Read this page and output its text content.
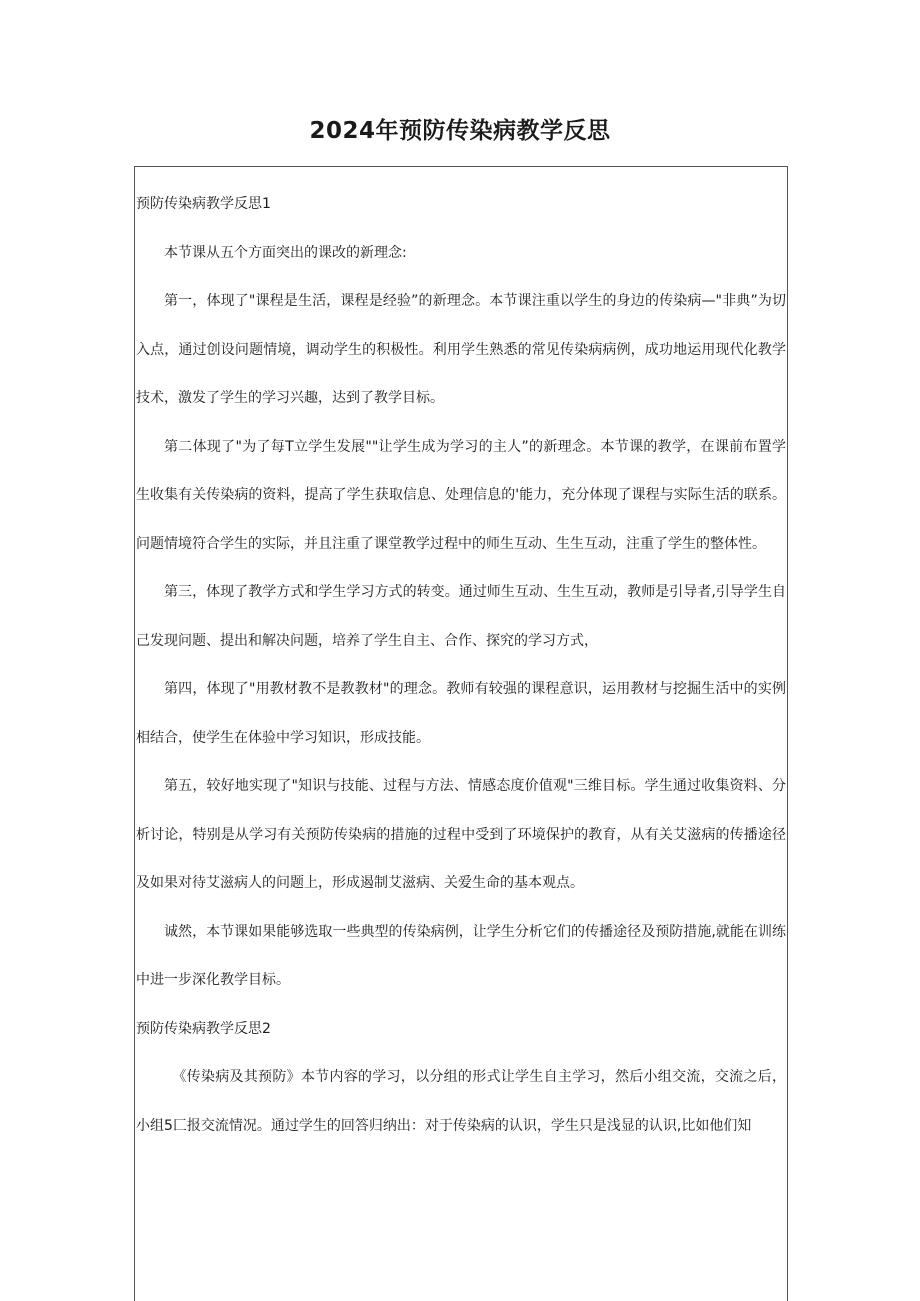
2024年预防传染病教学反思

预防传染病教学反思1

本节课从五个方面突出的课改的新理念:

第一，体现了"课程是生活，课程是经验”的新理念。本节课注重以学生的身边的传染病—"非典”为切入点，通过创设问题情境，调动学生的积极性。利用学生熟悉的常见传染病病例，成功地运用现代化教学技术，激发了学生的学习兴趣，达到了教学目标。

第二体现了"为了每T立学生发展""让学生成为学习的主人”的新理念。本节课的教学，在课前布置学生收集有关传染病的资料，提高了学生获取信息、处理信息的'能力，充分体现了课程与实际生活的联系。问题情境符合学生的实际，并且注重了课堂教学过程中的师生互动、生生互动，注重了学生的整体性。

第三，体现了教学方式和学生学习方式的转变。通过师生互动、生生互动，教师是引导者,引导学生自己发现问题、提出和解决问题，培养了学生自主、合作、探究的学习方式，

第四，体现了"用教材教不是教教材"的理念。教师有较强的课程意识，运用教材与挖掘生活中的实例相结合，使学生在体验中学习知识，形成技能。

第五，较好地实现了"知识与技能、过程与方法、情感态度价值观"三维目标。学生通过收集资料、分析讨论，特别是从学习有关预防传染病的措施的过程中受到了环境保护的教育，从有关艾滋病的传播途径及如果对待艾滋病人的问题上，形成遏制艾滋病、关爱生命的基本观点。

诚然，本节课如果能够选取一些典型的传染病例，让学生分析它们的传播途径及预防措施,就能在训练中进一步深化教学目标。

预防传染病教学反思2

《传染病及其预防》本节内容的学习，以分组的形式让学生自主学习，然后小组交流，交流之后，小组5匚报交流情况。通过学生的回答归纳出：对于传染病的认识，学生只是浅显的认识,比如他们知
